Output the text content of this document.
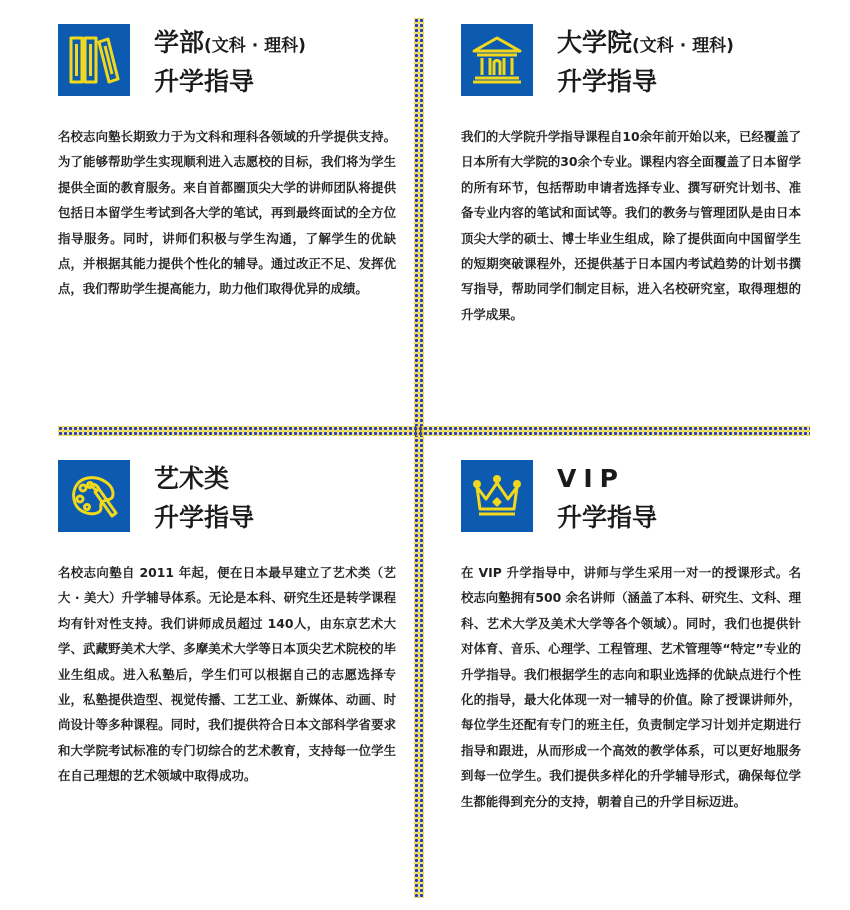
学部(文科 · 理科)
升学指导
名校志向塾长期致力于为文科和理科各领域的升学提供支持。为了能够帮助学生实现顺利进入志愿校的目标，我们将为学生提供全面的教育服务。来自首都圈顶尖大学的讲师团队将提供包括日本留学生考试到各大学的笔试，再到最终面试的全方位指导服务。同时，讲师们积极与学生沟通，了解学生的优缺点，并根据其能力提供个性化的辅导。通过改正不足、发挥优点，我们帮助学生提高能力，助力他们取得优异的成绩。
大学院(文科 · 理科)
升学指导
我们的大学院升学指导课程自10余年前开始以来，已经覆盖了日本所有大学院的30余个专业。课程内容全面覆盖了日本留学的所有环节，包括帮助申请者选择专业、撰写研究计划书、准备专业内容的笔试和面试等。我们的教务与管理团队是由日本顶尖大学的硕士、博士毕业生组成，除了提供面向中国留学生的短期突破课程外，还提供基于日本国内考试趋势的计划书撰写指导，帮助同学们制定目标，进入名校研究室，取得理想的升学成果。
艺术类
升学指导
名校志向塾自 2011 年起，便在日本最早建立了艺术类（艺大 · 美大）升学辅导体系。无论是本科、研究生还是转学课程均有针对性支持。我们讲师成员超过 140人，由东京艺术大学、武藏野美术大学、多摩美术大学等日本顶尖艺术院校的毕业生组成。进入私塾后，学生们可以根据自己的志愿选择专业，私塾提供造型、视觉传播、工艺工业、新媒体、动画、时尚设计等多种课程。同时，我们提供符合日本文部科学省要求和大学院考试标准的专门切综合的艺术教育，支持每一位学生在自己理想的艺术领域中取得成功。
VIP
升学指导
在 VIP 升学指导中，讲师与学生采用一对一的授课形式。名校志向塾拥有500 余名讲师（涵盖了本科、研究生、文科、理科、艺术大学及美术大学等各个领域）。同时，我们也提供针对体育、音乐、心理学、工程管理、艺术管理等“特定”专业的升学指导。我们根据学生的志向和职业选择的优缺点进行个性化的指导，最大化体现一对一辅导的价值。除了授课讲师外，每位学生还配有专门的班主任，负责制定学习计划并定期进行指导和跟进，从而形成一个高效的教学体系，可以更好地服务到每一位学生。我们提供多样化的升学辅导形式，确保每位学生都能得到充分的支持，朝着自己的升学目标迈进。
